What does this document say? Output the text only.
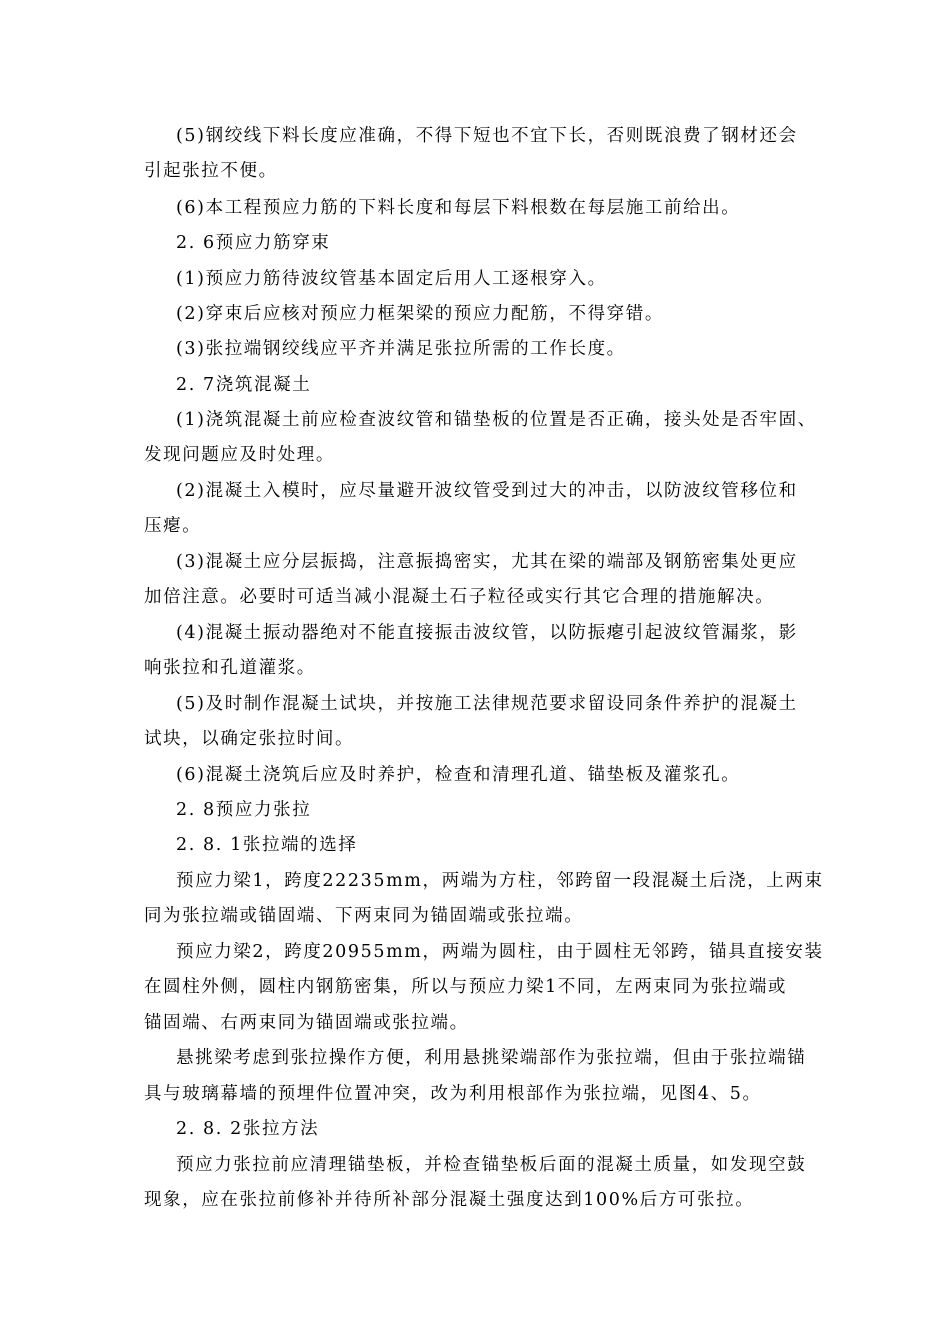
(5)钢绞线下料长度应准确，不得下短也不宜下长，否则既浪费了钢材还会
引起张拉不便。
(6)本工程预应力筋的下料长度和每层下料根数在每层施工前给出。
2. 6预应力筋穿束
(1)预应力筋待波纹管基本固定后用人工逐根穿入。
(2)穿束后应核对预应力框架梁的预应力配筋，不得穿错。
(3)张拉端钢绞线应平齐并满足张拉所需的工作长度。
2. 7浇筑混凝土
(1)浇筑混凝土前应检查波纹管和锚垫板的位置是否正确，接头处是否牢固、
发现问题应及时处理。
(2)混凝土入模时，应尽量避开波纹管受到过大的冲击，以防波纹管移位和
压瘪。
(3)混凝土应分层振捣，注意振捣密实，尤其在梁的端部及钢筋密集处更应
加倍注意。必要时可适当减小混凝土石子粒径或实行其它合理的措施解决。
(4)混凝土振动器绝对不能直接振击波纹管，以防振瘪引起波纹管漏浆，影
响张拉和孔道灌浆。
(5)及时制作混凝土试块，并按施工法律规范要求留设同条件养护的混凝土
试块，以确定张拉时间。
(6)混凝土浇筑后应及时养护，检查和清理孔道、锚垫板及灌浆孔。
2. 8预应力张拉
2. 8. 1张拉端的选择
预应力梁1，跨度22235mm，两端为方柱，邻跨留一段混凝土后浇，上两束
同为张拉端或锚固端、下两束同为锚固端或张拉端。
预应力梁2，跨度20955mm，两端为圆柱，由于圆柱无邻跨，锚具直接安装
在圆柱外侧，圆柱内钢筋密集，所以与预应力梁1不同，左两束同为张拉端或
锚固端、右两束同为锚固端或张拉端。
悬挑梁考虑到张拉操作方便，利用悬挑梁端部作为张拉端，但由于张拉端锚
具与玻璃幕墙的预埋件位置冲突，改为利用根部作为张拉端，见图4、5。
2. 8. 2张拉方法
预应力张拉前应清理锚垫板，并检查锚垫板后面的混凝土质量，如发现空鼓
现象，应在张拉前修补并待所补部分混凝土强度达到100%后方可张拉。
